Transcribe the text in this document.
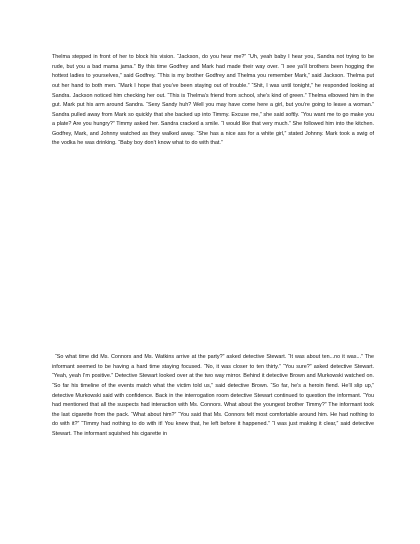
Thelma stepped in front of her to block his vision. “Jackson, do you hear me?” “Uh, yeah baby I hear you, Sandra not trying to be rude, but you a bad mama jama.” By this time Godfrey and Mark had made their way over. “I see ya’ll brothers been hogging the hottest ladies to yourselves,” said Godfrey. “This is my brother Godfrey and Thelma you remember Mark,” said Jackson. Thelma put out her hand to both men. “Mark I hope that you’ve been staying out of trouble.” “Shit, I was until tonight,” he responded looking at Sandra. Jackson noticed him checking her out. “This is Thelma’s friend from school, she’s kind of green.” Thelma elbowed him in the gut. Mark put his arm around Sandra. “Sexy Sandy huh? Well you may have come here a girl, but you’re going to leave a woman.” Sandra pulled away from Mark so quickly that she backed up into Timmy. Excuse me,” she said softly. “You want me to go make you a plate? Are you hungry?” Timmy asked her. Sandra cracked a smile. “I would like that very much.” She followed him into the kitchen. Godfrey, Mark, and Johnny watched as they walked away. “She has a nice ass for a white girl,” stated Johnny. Mark took a swig of the vodka he was drinking. “Baby boy don’t know what to do with that.”

“So what time did Ms. Connors and Ms. Watkins arrive at the party?” asked detective Stewart. “It was about ten...no it was...” The informant seemed to be having a hard time staying focused. “No, it was closer to ten thirty.” “You sure?” asked detective Stewart. “Yeah, yeah I’m positive.” Detective Stewart looked over at the two way mirror. Behind it detective Brown and Murkowski watched on. “So far his timeline of the events match what the victim told us,” said detective Brown. “So far, he’s a heroin fiend. He’ll slip up,” detective Murkowski said with confidence. Back in the interrogation room detective Stewart continued to question the informant. “You had mentioned that all the suspects had interaction with Ms. Connors. What about the youngest brother Timmy?” The informant took the last cigarette from the pack. “What about him?” “You said that Ms. Connors felt most comfortable around him. He had nothing to do with it?” “Timmy had nothing to do with it! You knew that, he left before it happened.” “I was just making it clear,” said detective Stewart. The informant squished his cigarette in
